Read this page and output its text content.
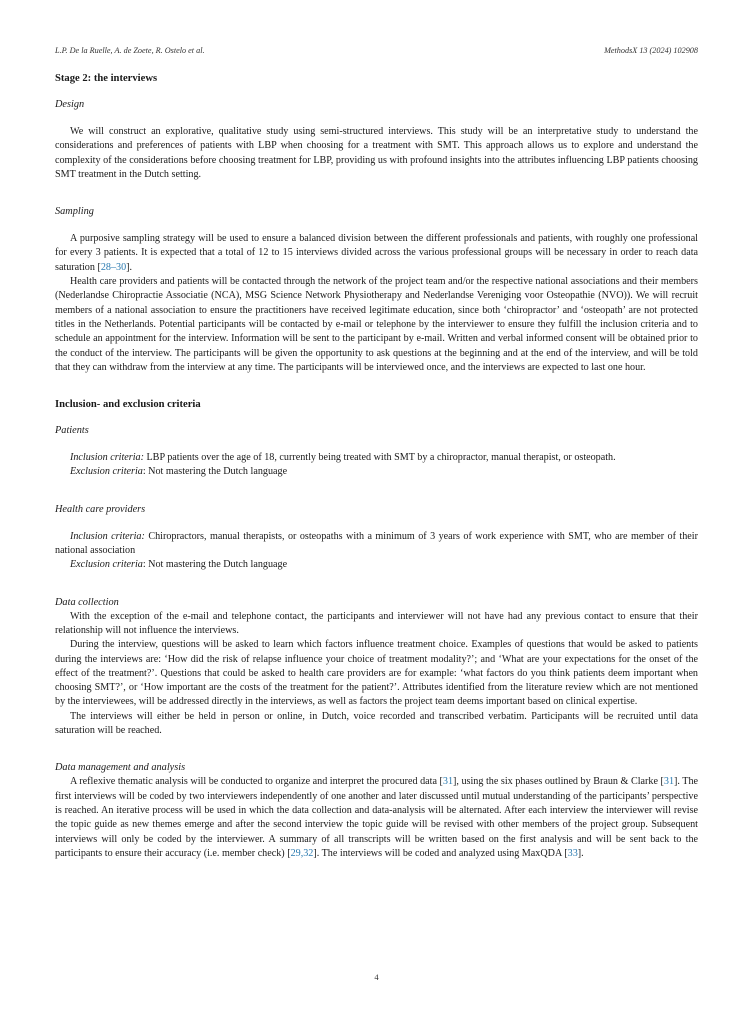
L.P. De la Ruelle, A. de Zoete, R. Ostelo et al.	MethodsX 13 (2024) 102908
Stage 2: the interviews
Design

We will construct an explorative, qualitative study using semi-structured interviews. This study will be an interpretative study to understand the considerations and preferences of patients with LBP when choosing for a treatment with SMT. This approach allows us to explore and understand the complexity of the considerations before choosing treatment for LBP, providing us with profound insights into the attributes influencing LBP patients choosing SMT treatment in the Dutch setting.

Sampling

A purposive sampling strategy will be used to ensure a balanced division between the different professionals and patients, with roughly one professional for every 3 patients. It is expected that a total of 12 to 15 interviews divided across the various professional groups will be necessary in order to reach data saturation [28–30].

Health care providers and patients will be contacted through the network of the project team and/or the respective national associations and their members (Nederlandse Chiropractie Associatie (NCA), MSG Science Network Physiotherapy and Nederlandse Vereniging voor Osteopathie (NVO)). We will recruit members of a national association to ensure the practitioners have received legitimate education, since both ‘chiropractor’ and ‘osteopath’ are not protected titles in the Netherlands. Potential participants will be contacted by e-mail or telephone by the interviewer to ensure they fulfill the inclusion criteria and to schedule an appointment for the interview. Information will be sent to the participant by e-mail. Written and verbal informed consent will be obtained prior to the conduct of the interview. The participants will be given the opportunity to ask questions at the beginning and at the end of the interview, and will be told that they can withdraw from the interview at any time. The participants will be interviewed once, and the interviews are expected to last one hour.

Inclusion- and exclusion criteria
Patients

Inclusion criteria: LBP patients over the age of 18, currently being treated with SMT by a chiropractor, manual therapist, or osteopath.

Exclusion criteria: Not mastering the Dutch language

Health care providers

Inclusion criteria: Chiropractors, manual therapists, or osteopaths with a minimum of 3 years of work experience with SMT, who are member of their national association

Exclusion criteria: Not mastering the Dutch language

Data collection

With the exception of the e-mail and telephone contact, the participants and interviewer will not have had any previous contact to ensure that their relationship will not influence the interviews.

During the interview, questions will be asked to learn which factors influence treatment choice. Examples of questions that would be asked to patients during the interviews are: ‘How did the risk of relapse influence your choice of treatment modality?’; and ‘What are your expectations for the onset of the effect of the treatment?’. Questions that could be asked to health care providers are for example: ‘what factors do you think patients deem important when choosing SMT?’, or ‘How important are the costs of the treatment for the patient?’. Attributes identified from the literature review which are not mentioned by the interviewees, will be addressed directly in the interviews, as well as factors the project team deems important based on clinical expertise.

The interviews will either be held in person or online, in Dutch, voice recorded and transcribed verbatim. Participants will be recruited until data saturation will be reached.

Data management and analysis

A reflexive thematic analysis will be conducted to organize and interpret the procured data [31], using the six phases outlined by Braun & Clarke [31]. The first interviews will be coded by two interviewers independently of one another and later discussed until mutual understanding of the participants’ perspective is reached. An iterative process will be used in which the data collection and data-analysis will be alternated. After each interview the interviewer will revise the topic guide as new themes emerge and after the second interview the topic guide will be revised with other members of the project group. Subsequent interviews will only be coded by the interviewer. A summary of all transcripts will be written based on the first analysis and will be sent back to the participants to ensure their accuracy (i.e. member check) [29,32]. The interviews will be coded and analyzed using MaxQDA [33].

4
